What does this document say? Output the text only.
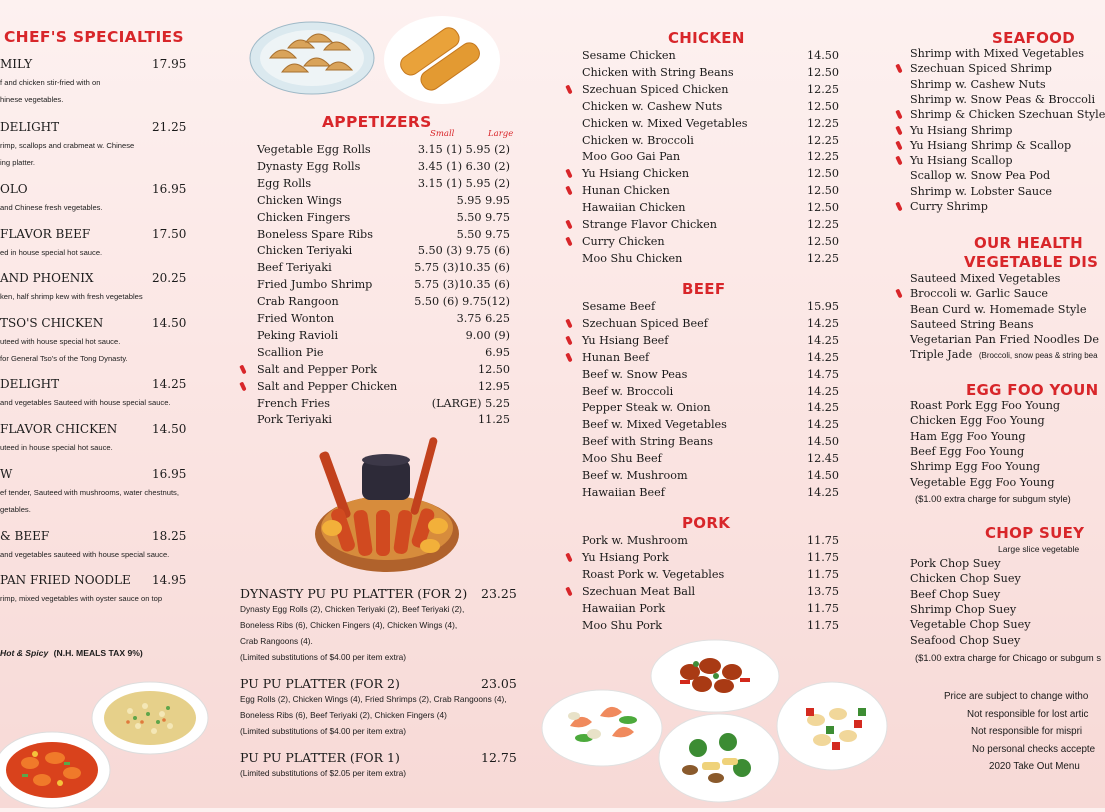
CHEF'S SPECIALTIES
MILY	17.95
f and chicken stir-fried with on
hinese vegetables.
DELIGHT	21.25
rimp, scallops and crabmeat w. Chinese
ing platter.
OLO	16.95
and Chinese fresh vegetables.
FLAVOR BEEF	17.50
ed in house special hot sauce.
AND PHOENIX	20.25
ken, half shrimp kew with fresh vegetables
TSO'S CHICKEN	14.50
uteed with house special hot sauce.
for General Tso's of the Tong Dynasty.
DELIGHT	14.25
and vegetables Sauteed with house special sauce.
FLAVOR CHICKEN	14.50
uteed in house special hot sauce.
W	16.95
ef tender, Sauteed with mushrooms, water chestnuts,
getables.
& BEEF	18.25
and vegetables sauteed with house special sauce.
PAN FRIED NOODLE 14.95
rimp, mixed vegetables with oyster sauce on top
Hot & Spicy (N.H. MEALS TAX 9%)
APPETIZERS
Small	Large
Vegetable Egg Rolls	3.15 (1) 5.95 (2)
Dynasty Egg Rolls	3.45 (1) 6.30 (2)
Egg Rolls	3.15 (1) 5.95 (2)
Chicken Wings	5.95 9.95
Chicken Fingers	5.50 9.75
Boneless Spare Ribs	5.50 9.75
Chicken Teriyaki	5.50 (3) 9.75 (6)
Beef Teriyaki	5.75 (3)10.35 (6)
Fried Jumbo Shrimp	5.75 (3)10.35 (6)
Crab Rangoon	5.50 (6) 9.75(12)
Fried Wonton	3.75 6.25
Peking Ravioli	9.00 (9)
Scallion Pie	6.95
Salt and Pepper Pork	12.50
Salt and Pepper Chicken	12.95
French Fries	(LARGE) 5.25
Pork Teriyaki	11.25
DYNASTY PU PU PLATTER (FOR 2) 23.25
Dynasty Egg Rolls (2), Chicken Teriyaki (2), Beef Teriyaki (2),
Boneless Ribs (6), Chicken Fingers (4), Chicken Wings (4),
Crab Rangoons (4).
(Limited substitutions of $4.00 per item extra)
PU PU PLATTER (FOR 2)	23.05
Egg Rolls (2), Chicken Wings (4), Fried Shrimps (2), Crab Rangoons (4),
Boneless Ribs (6), Beef Teriyaki (2), Chicken Fingers (4)
(Limited substitutions of $4.00 per item extra)
PU PU PLATTER (FOR 1)	12.75
(Limited substitutions of $2.05 per item extra)
CHICKEN
Sesame Chicken	14.50
Chicken with String Beans	12.50
Szechuan Spiced Chicken	12.25
Chicken w. Cashew Nuts	12.50
Chicken w. Mixed Vegetables	12.25
Chicken w. Broccoli	12.25
Moo Goo Gai Pan	12.25
Yu Hsiang Chicken	12.50
Hunan Chicken	12.50
Hawaiian Chicken	12.50
Strange Flavor Chicken	12.25
Curry Chicken	12.50
Moo Shu Chicken	12.25
BEEF
Sesame Beef	15.95
Szechuan Spiced Beef	14.25
Yu Hsiang Beef	14.25
Hunan Beef	14.25
Beef w. Snow Peas	14.75
Beef w. Broccoli	14.25
Pepper Steak w. Onion	14.25
Beef w. Mixed Vegetables	14.25
Beef with String Beans	14.50
Moo Shu Beef	12.45
Beef w. Mushroom	14.50
Hawaiian Beef	14.25
PORK
Pork w. Mushroom	11.75
Yu Hsiang Pork	11.75
Roast Pork w. Vegetables	11.75
Szechuan Meat Ball	13.75
Hawaiian Pork	11.75
Moo Shu Pork	11.75
SEAFOOD
Shrimp with Mixed Vegetables
Szechuan Spiced Shrimp
Shrimp w. Cashew Nuts
Shrimp w. Snow Peas & Broccoli
Shrimp & Chicken Szechuan Style
Yu Hsiang Shrimp
Yu Hsiang Shrimp & Scallop
Yu Hsiang Scallop
Scallop w. Snow Pea Pod
Shrimp w. Lobster Sauce
Curry Shrimp
OUR HEALTH
VEGETABLE DIS
Sauteed Mixed Vegetables
Broccoli w. Garlic Sauce
Bean Curd w. Homemade Style
Sauteed String Beans
Vegetarian Pan Fried Noodles De
Triple Jade (Broccoli, snow peas & string bea
EGG FOO YOUN
Roast Pork Egg Foo Young
Chicken Egg Foo Young
Ham Egg Foo Young
Beef Egg Foo Young
Shrimp Egg Foo Young
Vegetable Egg Foo Young
($1.00 extra charge for subgum style)
CHOP SUEY
Large slice vegetable
Pork Chop Suey
Chicken Chop Suey
Beef Chop Suey
Shrimp Chop Suey
Vegetable Chop Suey
Seafood Chop Suey
($1.00 extra charge for Chicago or subgum s
Price are subject to change witho
Not responsible for lost artic
Not responsible for mispri
No personal checks accepte
2020 Take Out Menu
